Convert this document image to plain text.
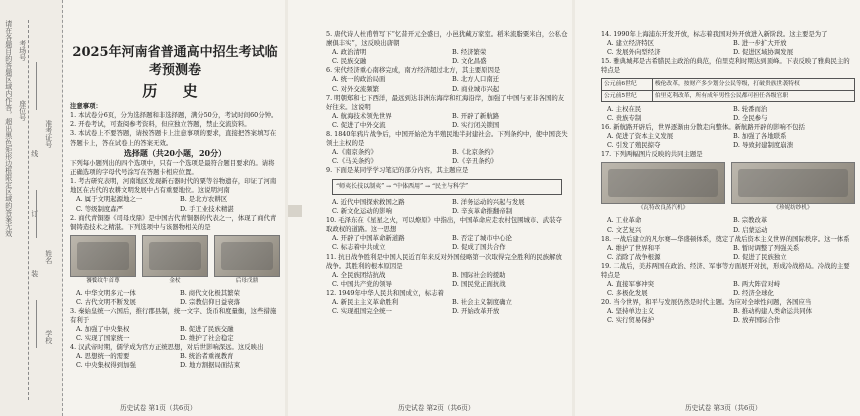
请在各题目的答题区域内作答，超出黑色矩形边框限定区域的答案无效 考场号
座位号
线
订
装
准考证号
姓名
学校

2025年河南省普通高中招生考试临考预测卷

历 史

注意事项：

1. 本试卷分6页，分为选择题和非选择题，满分50分，考试时间60分钟。

2. 开卷考试，可查阅参考资料，但应独立答题，禁止交流资料。

3. 本试卷上不要答题，请按答题卡上注意事项的要求，直接把答案填写在答题卡上，答在试卷上的答案无效。

选择题（共20小题，20分）

下列每小题列出的四个选项中，只有一个选项是最符合题目要求的。请将正确选项的字母代号涂写在答题卡相应位置。

1. 考古研究表明，河南地区发现新石器时代的粟等谷物遗存，印证了河南地区在古代的农耕文明发展中占有重要地位。这说明河南

A. 属于文明起源地之一	B. 是北方农耕区
C. 等级制度森严	D. 手工业技术精湛

2. 商代青铜器《司母戊鼎》是中国古代青铜器的代表之一，体现了商代青铜铸造技术之精湛。下列选项中与该器物相关的是

饕餮纹牛首尊	金杖	后母戊鼎
A. 中华文明多元一体	B. 商代文化极其繁荣
C. 古代文明不断发展	D. 宗教信仰日益衰落

3. 秦始皇统一六国后，推行郡县制，统一文字、货币和度量衡，这些措施有利于

A. 加强了中央集权	B. 促进了民族交融
C. 实现了国家统一	D. 维护了社会稳定

4. 汉武帝时期，儒学成为官方正统思想，对后世影响深远。这反映出

A. 思想统一的需要	B. 统治者重视教育
C. 中央集权得到加强	D. 地方割据局面结束
历史试卷 第1页（共6页）

5. 唐代诗人杜甫曾写下“忆昔开元全盛日，小邑犹藏万家室。稻米流脂粟米白，公私仓廪俱丰实”，这反映出唐朝

A. 政治清明	B. 经济繁荣
C. 民族交融	D. 文化昌盛

6. 宋代经济重心南移完成，南方经济超过北方，其主要原因是

A. 统一的政治局面	B. 北方人口南迁
C. 对外交流频繁	D. 商业城市兴起

7. 明朝郑和七下西洋，最远到达非洲东海岸和红海沿岸，加强了中国与亚非各国的友好往来。这说明

A. 航海技术领先世界	B. 开辟了新航路
C. 促进了中外交流	D. 实行闭关锁国

8. 1840年鸦片战争后，中国开始沦为半殖民地半封建社会。下列条约中，使中国丧失领土主权的是

A.《南京条约》	B.《北京条约》
C.《马关条约》	D.《辛丑条约》

9. 下面是某同学学习笔记的部分内容，其主题应是

“师夷长技以制夷” → “中体西用” → “民主与科学”
A. 近代中国探索救国之路	B. 洋务运动的兴起与发展
C. 新文化运动的影响	D. 辛亥革命推翻帝制

10. 毛泽东在《星星之火，可以燎原》中指出，中国革命应走农村包围城市、武装夺取政权的道路。这一思想

A. 开辟了中国革命新道路	B. 否定了城市中心论
C. 标志着中共成立	D. 促成了国共合作

11. 抗日战争胜利是中国人民近百年来反对外国侵略第一次取得完全胜利的民族解放战争。其胜利的根本原因是

A. 全民族团结抗战	B. 国际社会的援助
C. 中国共产党的领导	D. 国民党正面抗战

12. 1949年中华人民共和国成立，标志着

A. 新民主主义革命胜利	B. 社会主义制度确立
C. 实现祖国完全统一	D. 开始改革开放
历史试卷 第2页（共6页）

14. 1990年上海浦东开发开放，标志着我国对外开放进入新阶段。这主要是为了

A. 建立经济特区	B. 进一步扩大开放
C. 发展外向型经济	D. 促进区域协调发展

15. 雅典城邦是古希腊民主政治的典范，伯里克利时期达到顶峰。下表反映了雅典民主的特点是

公元前6世纪	梭伦改革，按财产多少划分公民等级，打破贵族世袭特权
公元前5世纪	伯里克利改革，所有成年男性公民都可担任各级官职
A. 主权在民	B. 轮番而治
C. 贵族专制	D. 全民参与

16. 新航路开辟后，世界逐渐由分散走向整体。新航路开辟的影响不包括

A. 促进了资本主义发展	B. 加强了各地联系
C. 引发了殖民掠夺	D. 导致封建制度崩溃

17. 下列两幅图片反映的共同主题是

《瓦特改良蒸汽机》	《珍妮纺纱机》
A. 工业革命	B. 宗教改革
C. 文艺复兴	D. 启蒙运动

18. 一战后建立的凡尔赛—华盛顿体系，奠定了战后资本主义世界的国际秩序。这一体系

A. 维护了世界和平	B. 暂时调整了列强关系
C. 消除了战争根源	D. 促进了民族独立

19. 二战后，美苏两国在政治、经济、军事等方面展开对抗，形成冷战格局。冷战的主要特点是

A. 直接军事冲突	B. 两大阵营对峙
C. 多极化发展	D. 经济全球化

20. 当今世界，和平与发展仍然是时代主题。为应对全球性问题，各国应当

A. 坚持单边主义	B. 推动构建人类命运共同体
C. 实行贸易保护	D. 放弃国际合作
历史试卷 第3页（共6页）
